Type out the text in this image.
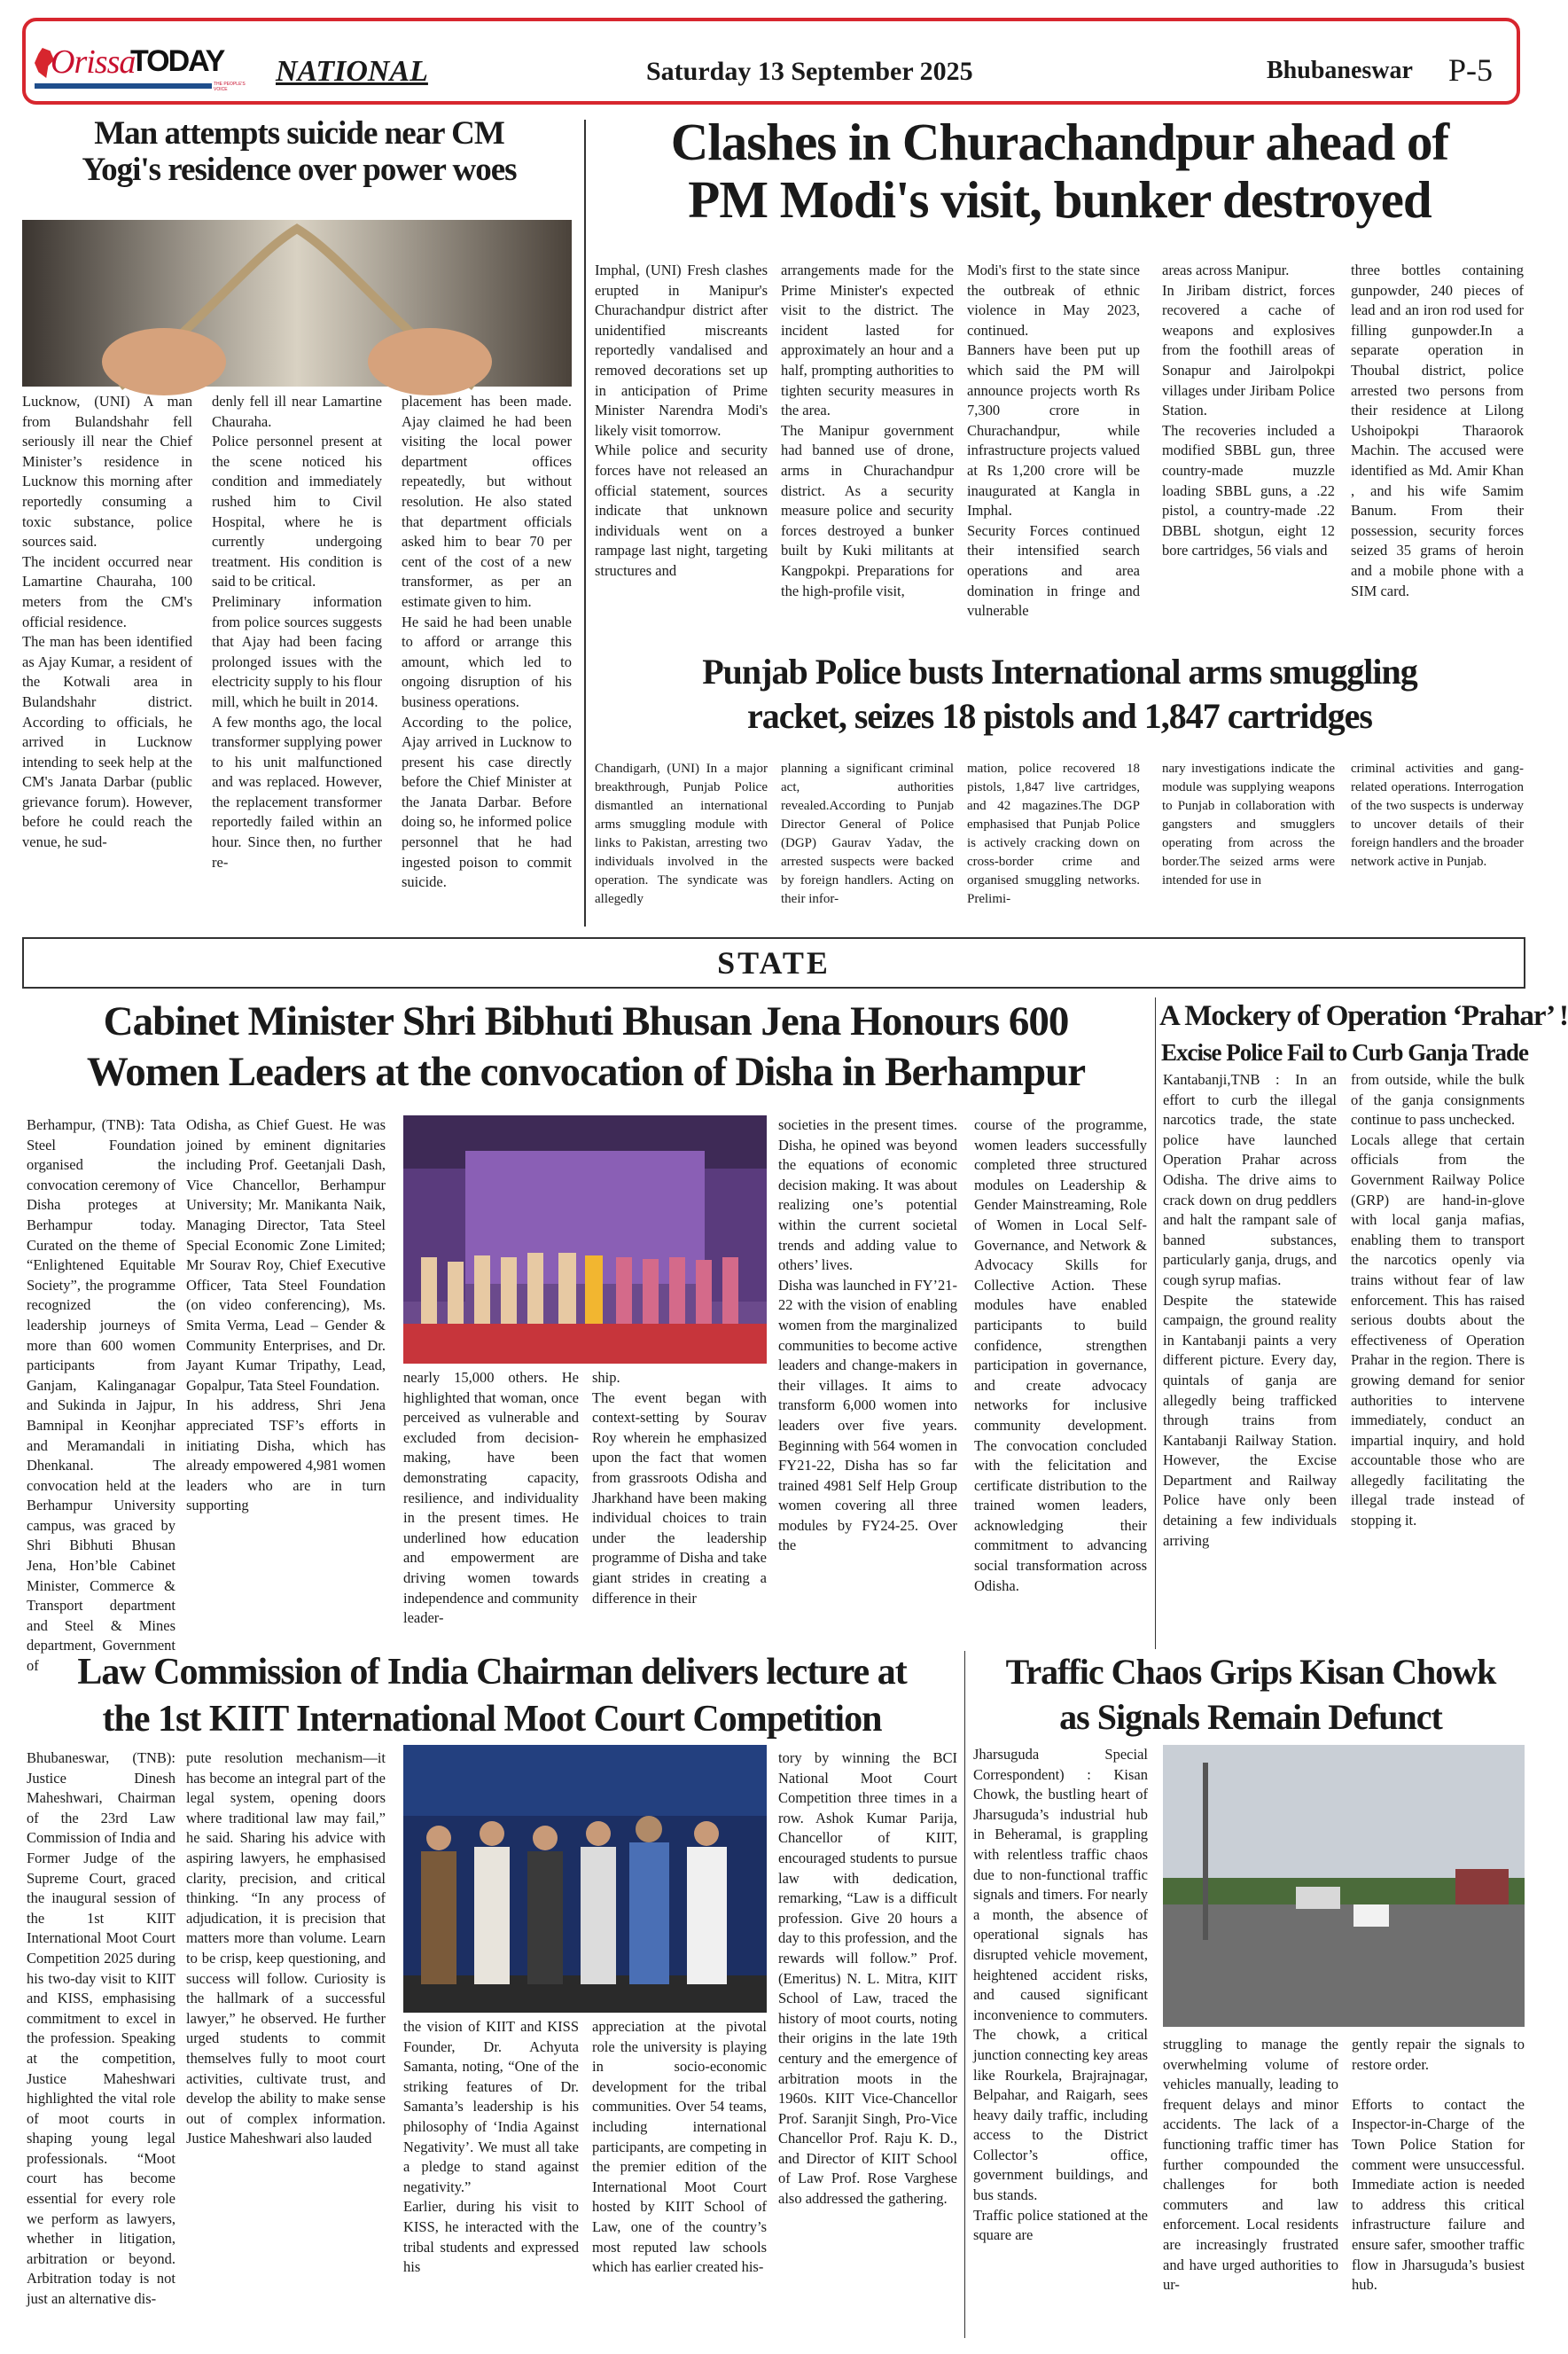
Orissa
TODAY
THE PEOPLE'S VOICE
NATIONAL	Saturday 13 September 2025	Bhubaneswar P-5
Man attempts suicide near CM
Yogi's residence over power woes
Lucknow, (UNI) A man from Bulandshahr fell seriously ill near the Chief Minister’s residence in Lucknow this morning after reportedly consuming a toxic substance, police sources said.
The incident occurred near Lamartine Chauraha, 100 meters from the CM's official residence.
The man has been identified as Ajay Kumar, a resident of the Kotwali area in Bulandshahr district. According to officials, he arrived in Lucknow intending to seek help at the CM's Janata Darbar (public grievance forum). However, before he could reach the venue, he sud-
denly fell ill near Lamartine Chauraha.
Police personnel present at the scene noticed his condition and immediately rushed him to Civil Hospital, where he is currently undergoing treatment. His condition is said to be critical.
Preliminary information from police sources suggests that Ajay had been facing prolonged issues with the electricity supply to his flour mill, which he built in 2014.
A few months ago, the local transformer supplying power to his unit malfunctioned and was replaced. However, the replacement transformer reportedly failed within an hour. Since then, no further re-
placement has been made. Ajay claimed he had been visiting the local power department offices repeatedly, but without resolution. He also stated that department officials asked him to bear 70 per cent of the cost of a new transformer, as per an estimate given to him.
He said he had been unable to afford or arrange this amount, which led to ongoing disruption of his business operations.
According to the police, Ajay arrived in Lucknow to present his case directly before the Chief Minister at the Janata Darbar. Before doing so, he informed police personnel that he had ingested poison to commit suicide.
Clashes in Churachandpur ahead of
PM Modi's visit, bunker destroyed
Imphal, (UNI) Fresh clashes erupted in Manipur's Churachandpur district after unidentified miscreants reportedly vandalised and removed decorations set up in anticipation of Prime Minister Narendra Modi's likely visit tomorrow.
While police and security forces have not released an official statement, sources indicate that unknown individuals went on a rampage last night, targeting structures and
arrangements made for the Prime Minister's expected visit to the district. The incident lasted for approximately an hour and a half, prompting authorities to tighten security measures in the area.
The Manipur government had banned use of drone, arms in Churachandpur district. As a security measure police and security forces destroyed a bunker built by Kuki militants at Kangpokpi. Preparations for the high-profile visit,
Modi's first to the state since the outbreak of ethnic violence in May 2023, continued.
Banners have been put up which said the PM will announce projects worth Rs 7,300 crore in Churachandpur, while infrastructure projects valued at Rs 1,200 crore will be inaugurated at Kangla in Imphal.
Security Forces continued their intensified search operations and area domination in fringe and vulnerable
areas across Manipur.
In Jiribam district, forces recovered a cache of weapons and explosives from the foothill areas of Sonapur and Jairolpokpi villages under Jiribam Police Station.
The recoveries included a modified SBBL gun, three country-made muzzle loading SBBL guns, a .22 pistol, a country-made .22 DBBL shotgun, eight 12 bore cartridges, 56 vials and
three bottles containing gunpowder, 240 pieces of lead and an iron rod used for filling gunpowder.In a separate operation in Thoubal district, police arrested two persons from their residence at Lilong Ushoipokpi Tharaorok Machin. The accused were identified as Md. Amir Khan , and his wife Samim Banum. From their possession, security forces seized 35 grams of heroin and a mobile phone with a SIM card.
Punjab Police busts International arms smuggling
racket, seizes 18 pistols and 1,847 cartridges
Chandigarh, (UNI) In a major breakthrough, Punjab Police dismantled an international arms smuggling module with links to Pakistan, arresting two individuals involved in the operation. The syndicate was allegedly
planning a significant criminal act, authorities revealed.According to Punjab Director General of Police (DGP) Gaurav Yadav, the arrested suspects were backed by foreign handlers. Acting on their infor-
mation, police recovered 18 pistols, 1,847 live cartridges, and 42 magazines.The DGP emphasised that Punjab Police is actively cracking down on cross-border crime and organised smuggling networks. Prelimi-
nary investigations indicate the module was supplying weapons to Punjab in collaboration with gangsters and smugglers operating from across the border.The seized arms were intended for use in
criminal activities and gang-related operations. Interrogation of the two suspects is underway to uncover details of their foreign handlers and the broader network active in Punjab.
STATE
Cabinet Minister Shri Bibhuti Bhusan Jena Honours 600
Women Leaders at the convocation of Disha in Berhampur
Berhampur, (TNB): Tata Steel Foundation organised the convocation ceremony of Disha proteges at Berhampur today. Curated on the theme of “Enlightened Equitable Society”, the programme recognized the leadership journeys of more than 600 women participants from Ganjam, Kalinganagar and Sukinda in Jajpur, Bamnipal in Keonjhar and Meramandali in Dhenkanal. The convocation held at the Berhampur University campus, was graced by Shri Bibhuti Bhusan Jena, Hon’ble Cabinet Minister, Commerce & Transport department and Steel & Mines department, Government of
Odisha, as Chief Guest. He was joined by eminent dignitaries including Prof. Geetanjali Dash, Vice Chancellor, Berhampur University; Mr. Manikanta Naik, Managing Director, Tata Steel Special Economic Zone Limited; Mr Sourav Roy, Chief Executive Officer, Tata Steel Foundation (on video conferencing), Ms. Smita Verma, Lead – Gender & Community Enterprises, and Dr. Jayant Kumar Tripathy, Lead, Gopalpur, Tata Steel Foundation.
In his address, Shri Jena appreciated TSF’s efforts in initiating Disha, which has already empowered 4,981 women leaders who are in turn supporting
nearly 15,000 others. He highlighted that woman, once perceived as vulnerable and excluded from decision-making, have been demonstrating capacity, resilience, and individuality in the present times. He underlined how education and empowerment are driving women towards independence and community leader-
ship.
The event began with context-setting by Sourav Roy wherein he emphasized upon the fact that women from grassroots Odisha and Jharkhand have been making individual choices to train under the leadership programme of Disha and take giant strides in creating a difference in their
societies in the present times. Disha, he opined was beyond the equations of economic decision making. It was about realizing one’s potential within the current societal trends and adding value to others’ lives.
Disha was launched in FY’21-22 with the vision of enabling women from the marginalized communities to become active leaders and change-makers in their villages. It aims to transform 6,000 women into leaders over five years. Beginning with 564 women in FY21-22, Disha has so far trained 4981 Self Help Group women covering all three modules by FY24-25. Over the
course of the programme, women leaders successfully completed three structured modules on Leadership & Gender Mainstreaming, Role of Women in Local Self-Governance, and Network & Advocacy Skills for Collective Action. These modules have enabled participants to build confidence, strengthen participation in governance, and create advocacy networks for inclusive community development. The convocation concluded with the felicitation and certificate distribution to the trained women leaders, acknowledging their commitment to advancing social transformation across Odisha.
A Mockery of Operation ‘Prahar’ !
Excise Police Fail to Curb Ganja Trade
Kantabanji,TNB : In an effort to curb the illegal narcotics trade, the state police have launched Operation Prahar across Odisha. The drive aims to crack down on drug peddlers and halt the rampant sale of banned substances, particularly ganja, drugs, and cough syrup mafias.
Despite the statewide campaign, the ground reality in Kantabanji paints a very different picture. Every day, quintals of ganja are allegedly being trafficked through trains from Kantabanji Railway Station. However, the Excise Department and Railway Police have only been detaining a few individuals arriving
from outside, while the bulk of the ganja consignments continue to pass unchecked.
Locals allege that certain officials from the Government Railway Police (GRP) are hand-in-glove with local ganja mafias, enabling them to transport the narcotics openly via trains without fear of law enforcement. This has raised serious doubts about the effectiveness of Operation Prahar in the region. There is growing demand for senior authorities to intervene immediately, conduct an impartial inquiry, and hold accountable those who are allegedly facilitating the illegal trade instead of stopping it.
Law Commission of India Chairman delivers lecture at
the 1st KIIT International Moot Court Competition
Bhubaneswar, (TNB): Justice Dinesh Maheshwari, Chairman of the 23rd Law Commission of India and Former Judge of the Supreme Court, graced the inaugural session of the 1st KIIT International Moot Court Competition 2025 during his two-day visit to KIIT and KISS, emphasising commitment to excel in the profession. Speaking at the competition, Justice Maheshwari highlighted the vital role of moot courts in shaping young legal professionals. “Moot court has become essential for every role we perform as lawyers, whether in litigation, arbitration or beyond. Arbitration today is not just an alternative dis-
pute resolution mechanism—it has become an integral part of the legal system, opening doors where traditional law may fail,” he said. Sharing his advice with aspiring lawyers, he emphasised clarity, precision, and critical thinking. “In any process of adjudication, it is precision that matters more than volume. Learn to be crisp, keep questioning, and success will follow. Curiosity is the hallmark of a successful lawyer,” he observed. He further urged students to commit themselves fully to moot court activities, cultivate trust, and develop the ability to make sense out of complex information. Justice Maheshwari also lauded
the vision of KIIT and KISS Founder, Dr. Achyuta Samanta, noting, “One of the striking features of Dr. Samanta’s leadership is his philosophy of ‘India Against Negativity’. We must all take a pledge to stand against negativity.”
Earlier, during his visit to KISS, he interacted with the tribal students and expressed his
appreciation at the pivotal role the university is playing in socio-economic development for the tribal communities. Over 54 teams, including international participants, are competing in the premier edition of the International Moot Court hosted by KIIT School of Law, one of the country’s most reputed law schools which has earlier created his-
tory by winning the BCI National Moot Court Competition three times in a row. Ashok Kumar Parija, Chancellor of KIIT, encouraged students to pursue law with dedication, remarking, “Law is a difficult profession. Give 20 hours a day to this profession, and the rewards will follow.” Prof. (Emeritus) N. L. Mitra, KIIT School of Law, traced the history of moot courts, noting their origins in the late 19th century and the emergence of arbitration moots in the 1960s. KIIT Vice-Chancellor Prof. Saranjit Singh, Pro-Vice Chancellor Prof. Raju K. D., and Director of KIIT School of Law Prof. Rose Varghese also addressed the gathering.
Traffic Chaos Grips Kisan Chowk
as Signals Remain Defunct
Jharsuguda Special Correspondent) : Kisan Chowk, the bustling heart of Jharsuguda’s industrial hub in Beheramal, is grappling with relentless traffic chaos due to non-functional traffic signals and timers. For nearly a month, the absence of operational signals has disrupted vehicle movement, heightened accident risks, and caused significant inconvenience to commuters. The chowk, a critical junction connecting key areas like Rourkela, Brajrajnagar, Belpahar, and Raigarh, sees heavy daily traffic, including access to the District Collector’s office, government buildings, and bus stands.
Traffic police stationed at the square are
struggling to manage the overwhelming volume of vehicles manually, leading to frequent delays and minor accidents. The lack of a functioning traffic timer has further compounded the challenges for both commuters and law enforcement. Local residents are increasingly frustrated and have urged authorities to ur-
gently repair the signals to restore order.

Efforts to contact the Inspector-in-Charge of the Town Police Station for comment were unsuccessful. Immediate action is needed to address this critical infrastructure failure and ensure safer, smoother traffic flow in Jharsuguda’s busiest hub.
